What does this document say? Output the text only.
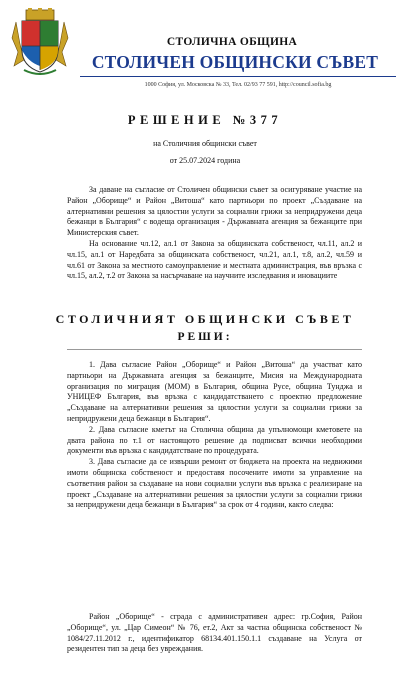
СТОЛИЧНА ОБЩИНА
СТОЛИЧЕН ОБЩИНСКИ СЪВЕТ
1000 София, ул. Московска № 33, Тел. 02/93 77 591, http://council.sofia.bg
РЕШЕНИЕ №377
на Столичния общински съвет
от 25.07.2024 година

За даване на съгласие от Столичен общински съвет за осигуряване участие на Район „Оборище“ и Район „Витоша“ като партньори по проект „Създаване на алтернативни решения за цялостни услуги за социални грижи за непридружени деца бежанци в България“ с водеща организация - Държавната агенция за бежанците при Министерския съвет.

На основание чл.12, ал.1 от Закона за общинската собственост, чл.11, ал.2 и чл.15, ал.1 от Наредбата за общинската собственост, чл.21, ал.1, т.8, ал.2, чл.59 и чл.61 от Закона за местното самоуправление и местната администрация, във връзка с чл.15, ал.2, т.2 от Закона за насърчаване на научните изследвания и иновациите

СТОЛИЧНИЯТ ОБЩИНСКИ СЪВЕТ
РЕШИ:

1. Дава съгласие Район „Оборище“ и Район „Витоша“ да участват като партньори на Държавната агенция за бежанците, Мисия на Международната организация по миграция (МОМ) в България, община Русе, община Тунджа и УНИЦЕФ България, във връзка с кандидатстването с проектно предложение „Създаване на алтернативни решения за цялостни услуги за социални грижи за непридружени деца бежанци в България“.

2. Дава съгласие кметът на Столична община да упълномощи кметовете на двата района по т.1 от настоящото решение да подписват всички необходими документи във връзка с кандидатстване по процедурата.

3. Дава съгласие да се извърши ремонт от бюджета на проекта на недвижими имоти общинска собственост и предоставя посочените имоти за управление на съответния район за създаване на нови социални услуги във връзка с реализиране на проект „Създаване на алтернативни решения за цялостни услуги за социални грижи за непридружени деца бежанци в България“ за срок от 4 години, както следва:

Район „Оборище“ - сграда с административен адрес: гр.София, Район „Оборище“, ул. „Цар Симеон“ № 76, ет.2, Акт за частна общинска собственост № 1084/27.11.2012 г., идентификатор 68134.401.150.1.1 създаване на Услуга от резидентен тип за деца без увреждания.
